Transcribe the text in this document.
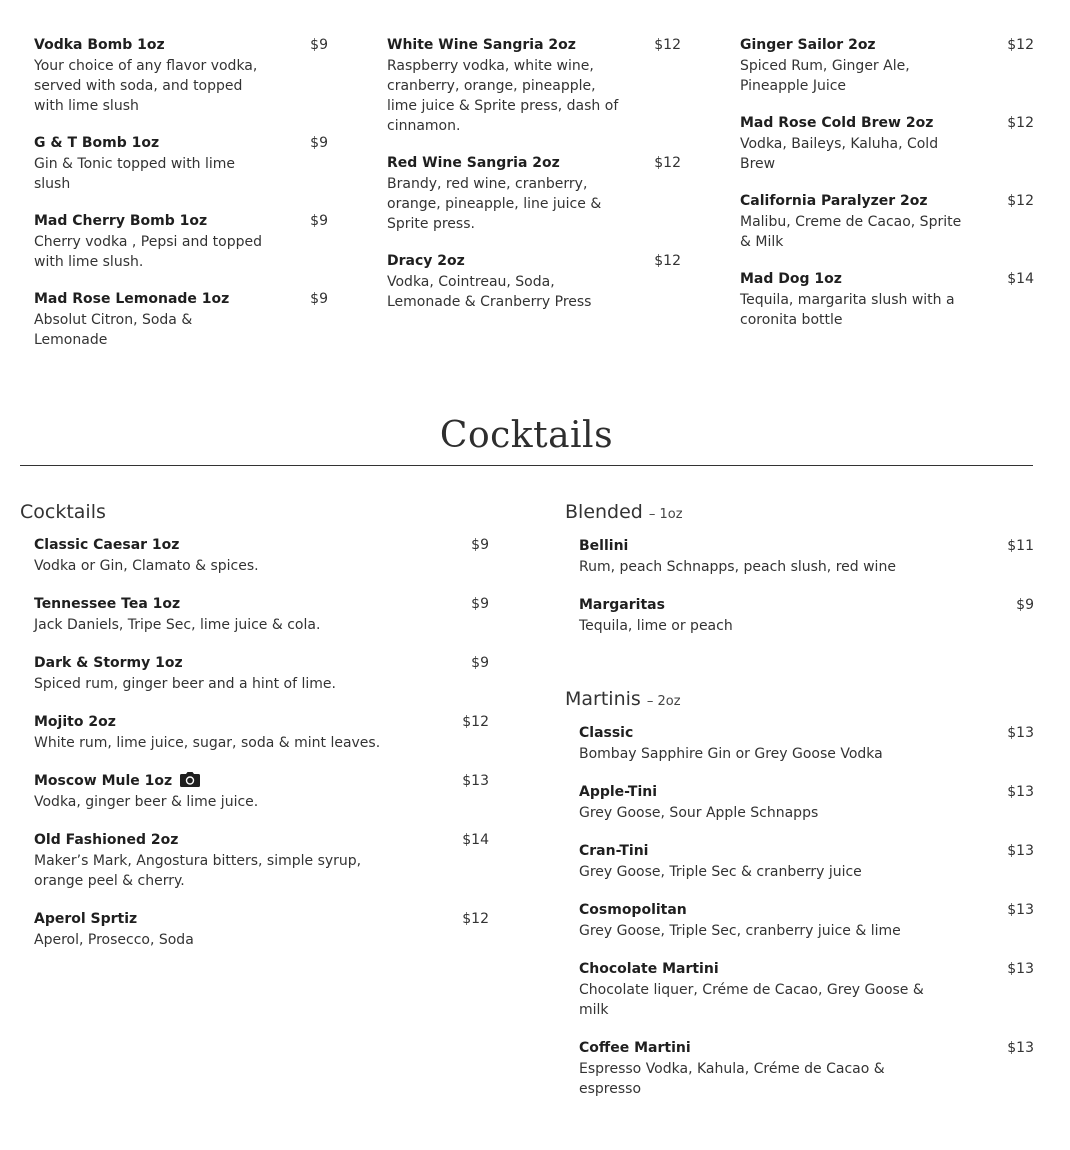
Vodka Bomb 1oz	$9
Your choice of any flavor vodka, served with soda, and topped with lime slush
G & T Bomb 1oz	$9
Gin & Tonic topped with lime slush
Mad Cherry Bomb 1oz	$9
Cherry vodka , Pepsi and topped with lime slush.
Mad Rose Lemonade 1oz	$9
Absolut Citron, Soda & Lemonade
White Wine Sangria 2oz	$12
Raspberry vodka, white wine, cranberry, orange, pineapple, lime juice & Sprite press, dash of cinnamon.
Red Wine Sangria 2oz	$12
Brandy, red wine, cranberry, orange, pineapple, line juice & Sprite press.
Dracy 2oz	$12
Vodka, Cointreau, Soda, Lemonade & Cranberry Press
Ginger Sailor 2oz	$12
Spiced Rum, Ginger Ale, Pineapple Juice
Mad Rose Cold Brew 2oz	$12
Vodka, Baileys, Kaluha, Cold Brew
California Paralyzer 2oz	$12
Malibu, Creme de Cacao, Sprite & Milk
Mad Dog 1oz	$14
Tequila, margarita slush with a coronita bottle
Cocktails
Cocktails
Classic Caesar 1oz	$9
Vodka or Gin, Clamato & spices.
Tennessee Tea 1oz	$9
Jack Daniels, Tripe Sec, lime juice & cola.
Dark & Stormy 1oz	$9
Spiced rum, ginger beer and a hint of lime.
Mojito 2oz	$12
White rum, lime juice, sugar, soda & mint leaves.
Moscow Mule 1oz	$13
Vodka, ginger beer & lime juice.
Old Fashioned 2oz	$14
Maker’s Mark, Angostura bitters, simple syrup, orange peel & cherry.
Aperol Sprtiz	$12
Aperol, Prosecco, Soda
Blended – 1oz
Bellini	$11
Rum, peach Schnapps, peach slush, red wine
Margaritas	$9
Tequila, lime or peach
Martinis – 2oz
Classic	$13
Bombay Sapphire Gin or Grey Goose Vodka
Apple-Tini	$13
Grey Goose, Sour Apple Schnapps
Cran-Tini	$13
Grey Goose, Triple Sec & cranberry juice
Cosmopolitan	$13
Grey Goose, Triple Sec, cranberry juice & lime
Chocolate Martini	$13
Chocolate liquer, Créme de Cacao, Grey Goose & milk
Coffee Martini	$13
Espresso Vodka, Kahula, Créme de Cacao & espresso
